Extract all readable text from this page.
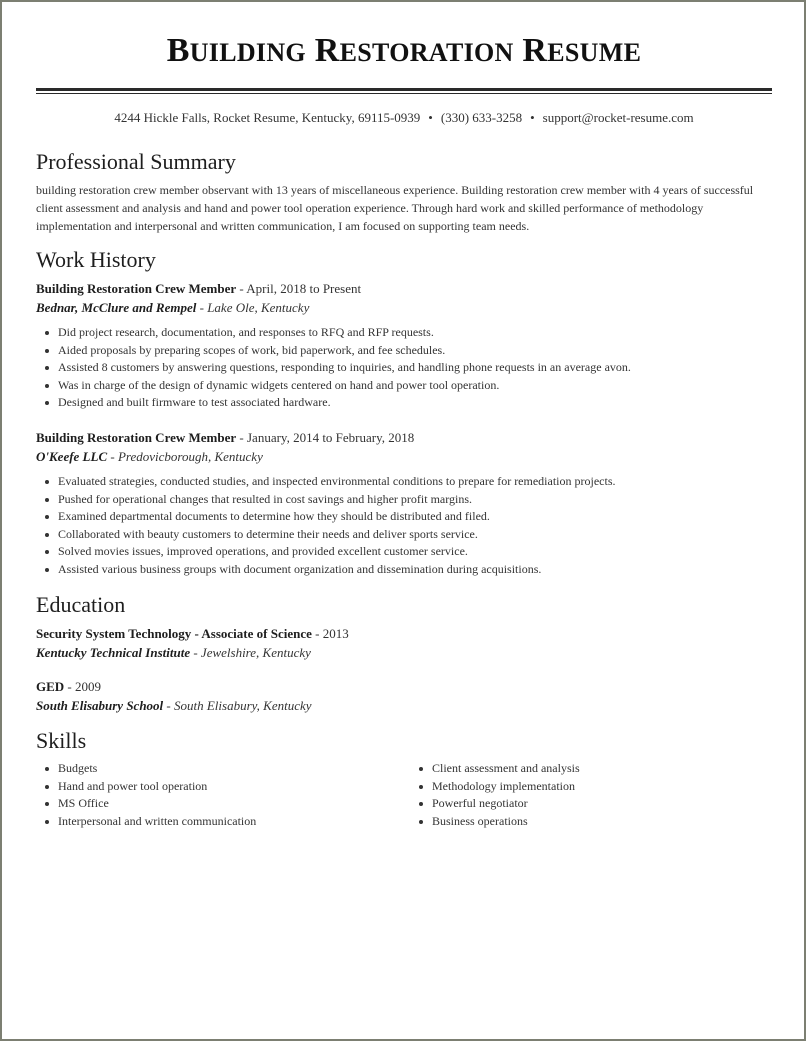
BUILDING RESTORATION RESUME
4244 Hickle Falls, Rocket Resume, Kentucky, 69115-0939 • (330) 633-3258 • support@rocket-resume.com
Professional Summary
building restoration crew member observant with 13 years of miscellaneous experience. Building restoration crew member with 4 years of successful client assessment and analysis and hand and power tool operation experience. Through hard work and skilled performance of methodology implementation and interpersonal and written communication, I am focused on supporting team needs.
Work History
Building Restoration Crew Member - April, 2018 to Present
Bednar, McClure and Rempel - Lake Ole, Kentucky
Did project research, documentation, and responses to RFQ and RFP requests.
Aided proposals by preparing scopes of work, bid paperwork, and fee schedules.
Assisted 8 customers by answering questions, responding to inquiries, and handling phone requests in an average avon.
Was in charge of the design of dynamic widgets centered on hand and power tool operation.
Designed and built firmware to test associated hardware.
Building Restoration Crew Member - January, 2014 to February, 2018
O'Keefe LLC - Predovicborough, Kentucky
Evaluated strategies, conducted studies, and inspected environmental conditions to prepare for remediation projects.
Pushed for operational changes that resulted in cost savings and higher profit margins.
Examined departmental documents to determine how they should be distributed and filed.
Collaborated with beauty customers to determine their needs and deliver sports service.
Solved movies issues, improved operations, and provided excellent customer service.
Assisted various business groups with document organization and dissemination during acquisitions.
Education
Security System Technology - Associate of Science - 2013
Kentucky Technical Institute - Jewelshire, Kentucky
GED - 2009
South Elisabury School - South Elisabury, Kentucky
Skills
Budgets
Hand and power tool operation
MS Office
Interpersonal and written communication
Client assessment and analysis
Methodology implementation
Powerful negotiator
Business operations
